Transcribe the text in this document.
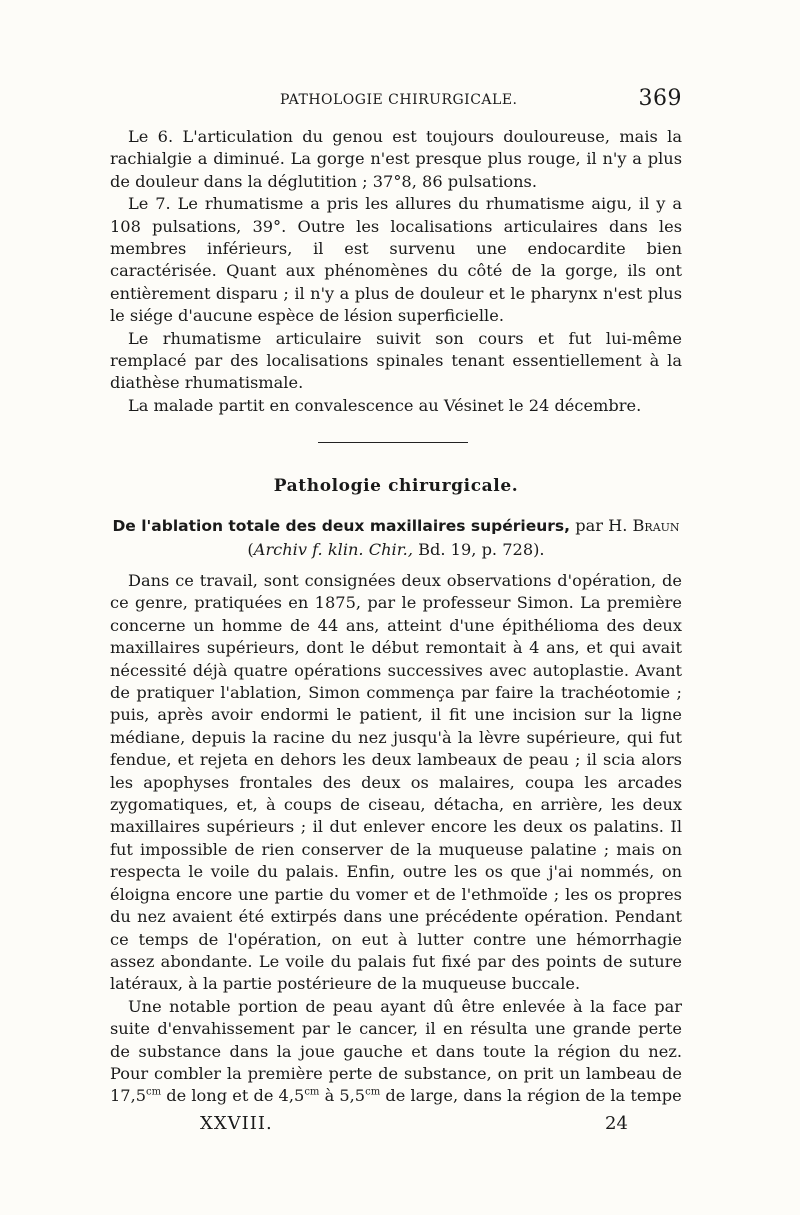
PATHOLOGIE CHIRURGICALE.	369

Le 6. L'articulation du genou est toujours douloureuse, mais la rachialgie a diminué. La gorge n'est presque plus rouge, il n'y a plus de douleur dans la déglutition ; 37°8, 86 pulsations.

Le 7. Le rhumatisme a pris les allures du rhumatisme aigu, il y a 108 pulsations, 39°. Outre les localisations articulaires dans les membres inférieurs, il est survenu une endocardite bien caractérisée. Quant aux phénomènes du côté de la gorge, ils ont entièrement disparu ; il n'y a plus de douleur et le pharynx n'est plus le siége d'aucune espèce de lésion superficielle.

Le rhumatisme articulaire suivit son cours et fut lui-même remplacé par des localisations spinales tenant essentiellement à la diathèse rhumatismale.

La malade partit en convalescence au Vésinet le 24 décembre.

Pathologie chirurgicale.
De l'ablation totale des deux maxillaires supérieurs, par H. Braun
(Archiv f. klin. Chir., Bd. 19, p. 728).

Dans ce travail, sont consignées deux observations d'opération, de ce genre, pratiquées en 1875, par le professeur Simon. La première concerne un homme de 44 ans, atteint d'une épithélioma des deux maxillaires supérieurs, dont le début remontait à 4 ans, et qui avait nécessité déjà quatre opérations successives avec autoplastie. Avant de pratiquer l'ablation, Simon commença par faire la trachéotomie ; puis, après avoir endormi le patient, il fit une incision sur la ligne médiane, depuis la racine du nez jusqu'à la lèvre supérieure, qui fut fendue, et rejeta en dehors les deux lambeaux de peau ; il scia alors les apophyses frontales des deux os malaires, coupa les arcades zygomatiques, et, à coups de ciseau, détacha, en arrière, les deux maxillaires supérieurs ; il dut enlever encore les deux os palatins. Il fut impossible de rien conserver de la muqueuse palatine ; mais on respecta le voile du palais. Enfin, outre les os que j'ai nommés, on éloigna encore une partie du vomer et de l'ethmoïde ; les os propres du nez avaient été extirpés dans une précédente opération. Pendant ce temps de l'opération, on eut à lutter contre une hémorrhagie assez abondante. Le voile du palais fut fixé par des points de suture latéraux, à la partie postérieure de la muqueuse buccale.

Une notable portion de peau ayant dû être enlevée à la face par suite d'envahissement par le cancer, il en résulta une grande perte de substance dans la joue gauche et dans toute la région du nez. Pour combler la première perte de substance, on prit un lambeau de $17,5^{cm}$ de long et de $4,5^{cm}$ à $5,5^{cm}$ de large, dans la région de la tempe

XXVIII.	24
